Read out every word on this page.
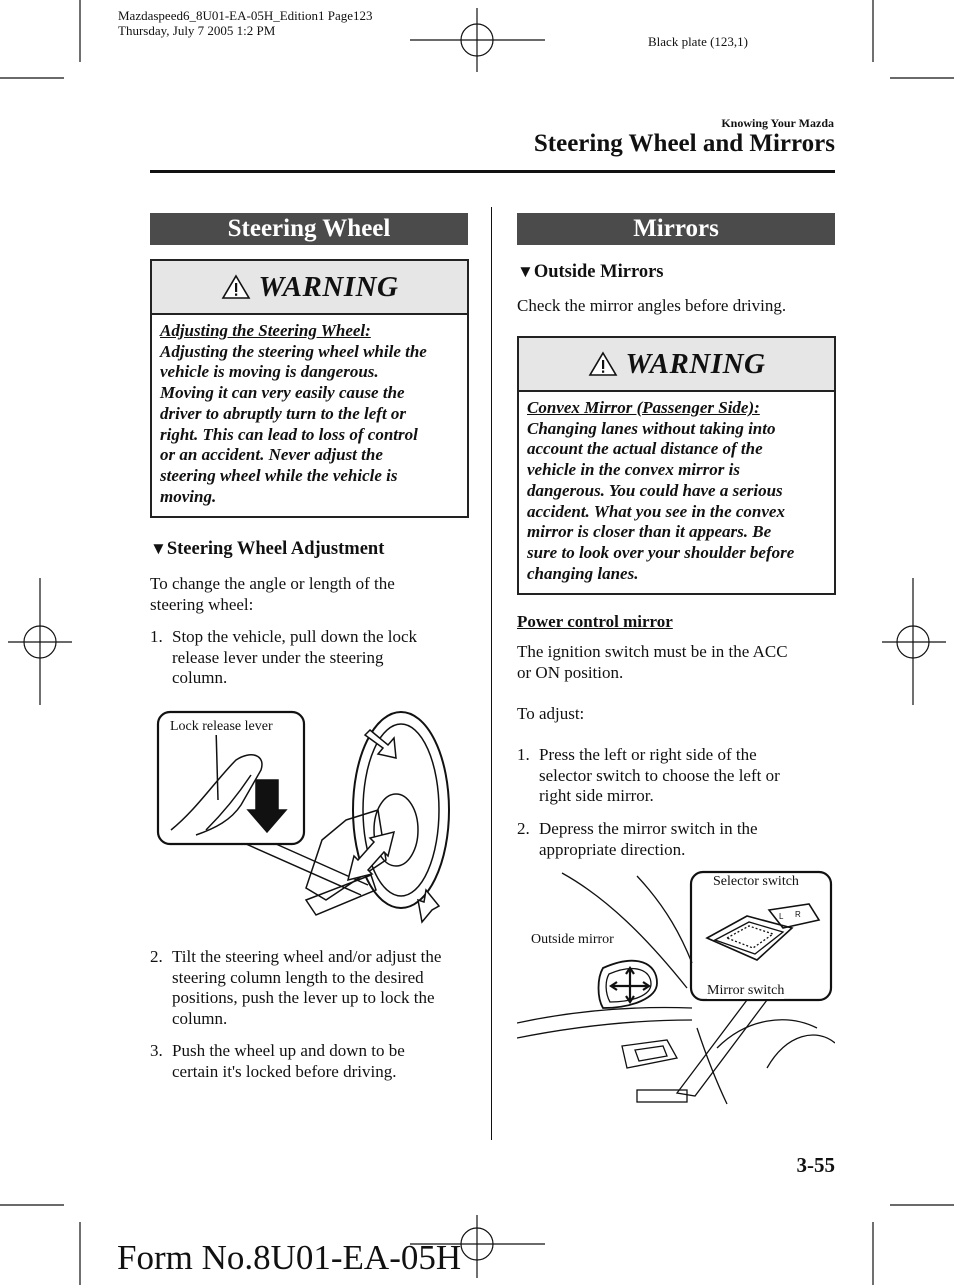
Mazdaspeed6_8U01-EA-05H_Edition1 Page123
Thursday, July 7 2005 1:2 PM
Black plate (123,1)
Knowing Your Mazda
Steering Wheel and Mirrors
Steering Wheel
WARNING
Adjusting the Steering Wheel:
Adjusting the steering wheel while the
vehicle is moving is dangerous.
Moving it can very easily cause the
driver to abruptly turn to the left or
right. This can lead to loss of control
or an accident. Never adjust the
steering wheel while the vehicle is
moving.
▼Steering Wheel Adjustment
To change the angle or length of the
steering wheel:
1. Stop the vehicle, pull down the lock
release lever under the steering
column.
Lock release lever
2. Tilt the steering wheel and/or adjust the
steering column length to the desired
positions, push the lever up to lock the
column.
3. Push the wheel up and down to be
certain it's locked before driving.
Mirrors
▼Outside Mirrors
Check the mirror angles before driving.
WARNING
Convex Mirror (Passenger Side):
Changing lanes without taking into
account the actual distance of the
vehicle in the convex mirror is
dangerous. You could have a serious
accident. What you see in the convex
mirror is closer than it appears. Be
sure to look over your shoulder before
changing lanes.
Power control mirror
The ignition switch must be in the ACC
or ON position.
To adjust:
1. Press the left or right side of the
selector switch to choose the left or
right side mirror.
2. Depress the mirror switch in the
appropriate direction.
L R
Selector switch
Outside mirror
Mirror switch
3-55
Form No.8U01-EA-05H
